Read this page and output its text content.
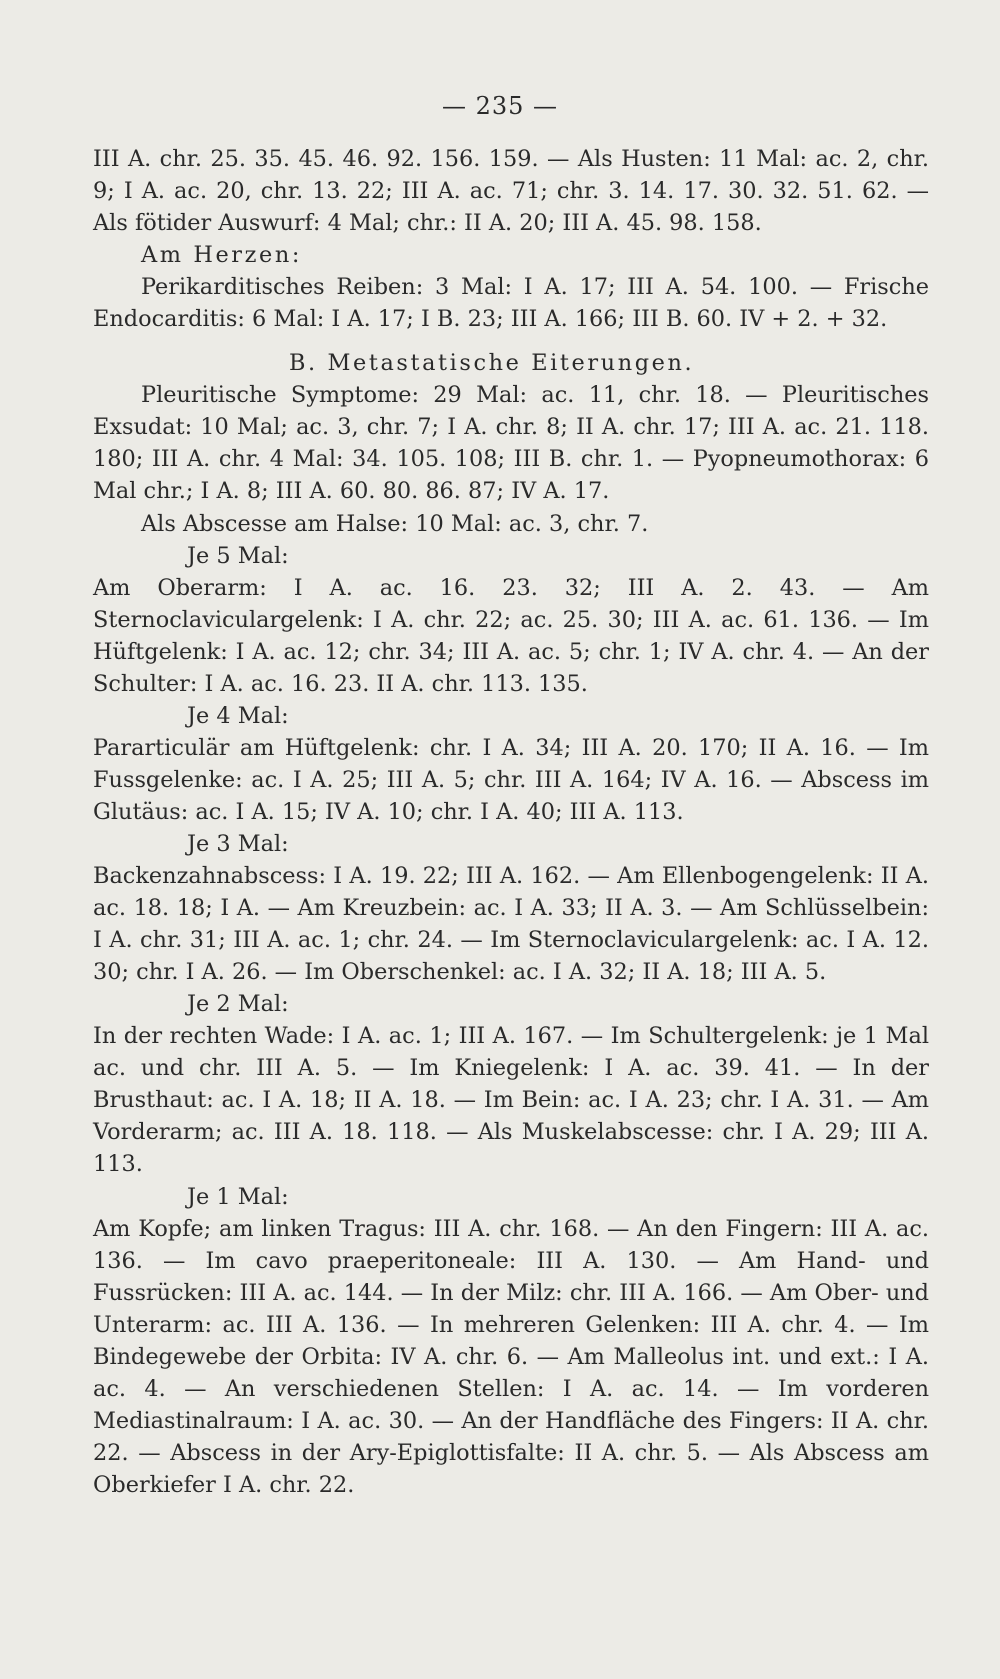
— 235 —

III A. chr. 25. 35. 45. 46. 92. 156. 159. — Als Husten: 11 Mal: ac. 2, chr. 9; I A. ac. 20, chr. 13. 22; III A. ac. 71; chr. 3. 14. 17. 30. 32. 51. 62. — Als fötider Auswurf: 4 Mal; chr.: II A. 20; III A. 45. 98. 158.

Am Herzen:

Perikarditisches Reiben: 3 Mal: I A. 17; III A. 54. 100. — Frische Endocarditis: 6 Mal: I A. 17; I B. 23; III A. 166; III B. 60. IV + 2. + 32.

B. Metastatische Eiterungen.

Pleuritische Symptome: 29 Mal: ac. 11, chr. 18. — Pleuritisches Exsudat: 10 Mal; ac. 3, chr. 7; I A. chr. 8; II A. chr. 17; III A. ac. 21. 118. 180; III A. chr. 4 Mal: 34. 105. 108; III B. chr. 1. — Pyopneumothorax: 6 Mal chr.; I A. 8; III A. 60. 80. 86. 87; IV A. 17.

Als Abscesse am Halse: 10 Mal: ac. 3, chr. 7.

Je 5 Mal:

Am Oberarm: I A. ac. 16. 23. 32; III A. 2. 43. — Am Sternoclaviculargelenk: I A. chr. 22; ac. 25. 30; III A. ac. 61. 136. — Im Hüftgelenk: I A. ac. 12; chr. 34; III A. ac. 5; chr. 1; IV A. chr. 4. — An der Schulter: I A. ac. 16. 23. II A. chr. 113. 135.

Je 4 Mal:

Pararticulär am Hüftgelenk: chr. I A. 34; III A. 20. 170; II A. 16. — Im Fussgelenke: ac. I A. 25; III A. 5; chr. III A. 164; IV A. 16. — Abscess im Glutäus: ac. I A. 15; IV A. 10; chr. I A. 40; III A. 113.

Je 3 Mal:

Backenzahnabscess: I A. 19. 22; III A. 162. — Am Ellenbogengelenk: II A. ac. 18. 18; I A. — Am Kreuzbein: ac. I A. 33; II A. 3. — Am Schlüsselbein: I A. chr. 31; III A. ac. 1; chr. 24. — Im Sternoclaviculargelenk: ac. I A. 12. 30; chr. I A. 26. — Im Oberschenkel: ac. I A. 32; II A. 18; III A. 5.

Je 2 Mal:

In der rechten Wade: I A. ac. 1; III A. 167. — Im Schultergelenk: je 1 Mal ac. und chr. III A. 5. — Im Kniegelenk: I A. ac. 39. 41. — In der Brusthaut: ac. I A. 18; II A. 18. — Im Bein: ac. I A. 23; chr. I A. 31. — Am Vorderarm; ac. III A. 18. 118. — Als Muskelabscesse: chr. I A. 29; III A. 113.

Je 1 Mal:

Am Kopfe; am linken Tragus: III A. chr. 168. — An den Fingern: III A. ac. 136. — Im cavo praeperitoneale: III A. 130. — Am Hand- und Fussrücken: III A. ac. 144. — In der Milz: chr. III A. 166. — Am Ober- und Unterarm: ac. III A. 136. — In mehreren Gelenken: III A. chr. 4. — Im Bindegewebe der Orbita: IV A. chr. 6. — Am Malleolus int. und ext.: I A. ac. 4. — An verschiedenen Stellen: I A. ac. 14. — Im vorderen Mediastinalraum: I A. ac. 30. — An der Handfläche des Fingers: II A. chr. 22. — Abscess in der Ary-Epiglottisfalte: II A. chr. 5. — Als Abscess am Oberkiefer I A. chr. 22.
